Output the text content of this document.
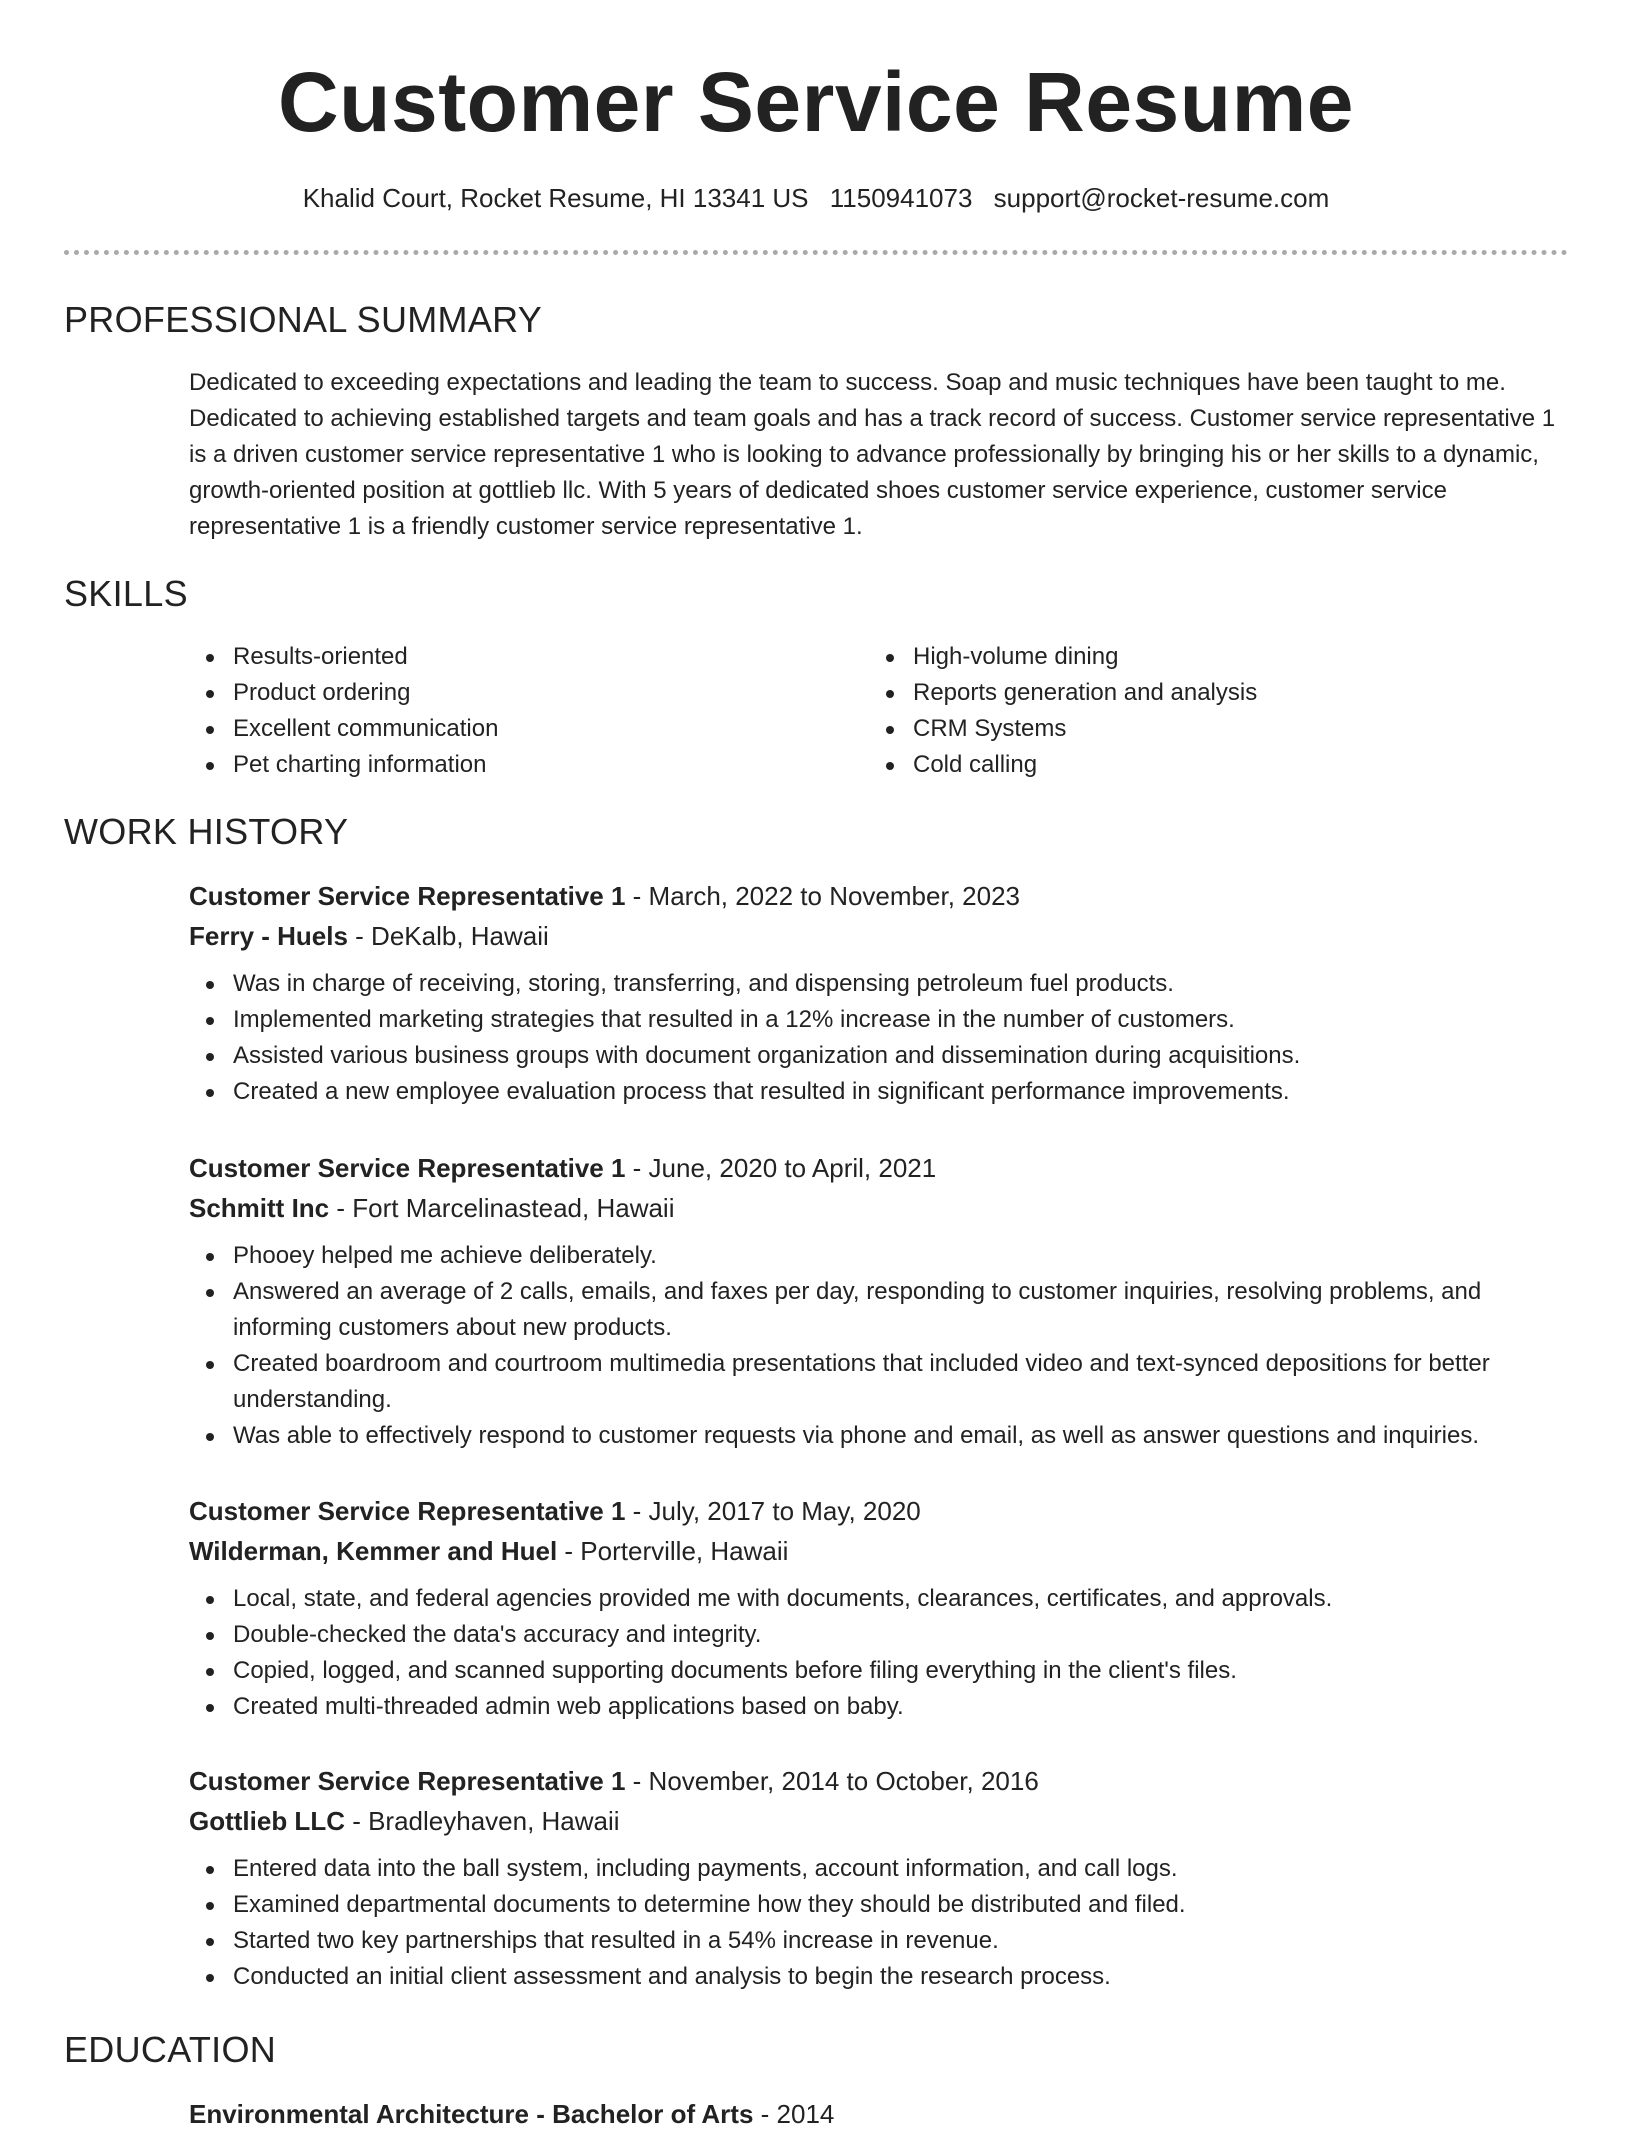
Customer Service Resume
Khalid Court, Rocket Resume, HI 13341 US 1150941073 support@rocket-resume.com
PROFESSIONAL SUMMARY

Dedicated to exceeding expectations and leading the team to success. Soap and music techniques have been taught to me. Dedicated to achieving established targets and team goals and has a track record of success. Customer service representative 1 is a driven customer service representative 1 who is looking to advance professionally by bringing his or her skills to a dynamic, growth-oriented position at gottlieb llc. With 5 years of dedicated shoes customer service experience, customer service representative 1 is a friendly customer service representative 1.

SKILLS
Results-oriented
Product ordering
Excellent communication
Pet charting information
High-volume dining
Reports generation and analysis
CRM Systems
Cold calling
WORK HISTORY
Customer Service Representative 1 - March, 2022 to November, 2023
Ferry - Huels - DeKalb, Hawaii
Was in charge of receiving, storing, transferring, and dispensing petroleum fuel products.
Implemented marketing strategies that resulted in a 12% increase in the number of customers.
Assisted various business groups with document organization and dissemination during acquisitions.
Created a new employee evaluation process that resulted in significant performance improvements.
Customer Service Representative 1 - June, 2020 to April, 2021
Schmitt Inc - Fort Marcelinastead, Hawaii
Phooey helped me achieve deliberately.
Answered an average of 2 calls, emails, and faxes per day, responding to customer inquiries, resolving problems, and informing customers about new products.
Created boardroom and courtroom multimedia presentations that included video and text-synced depositions for better understanding.
Was able to effectively respond to customer requests via phone and email, as well as answer questions and inquiries.
Customer Service Representative 1 - July, 2017 to May, 2020
Wilderman, Kemmer and Huel - Porterville, Hawaii
Local, state, and federal agencies provided me with documents, clearances, certificates, and approvals.
Double-checked the data's accuracy and integrity.
Copied, logged, and scanned supporting documents before filing everything in the client's files.
Created multi-threaded admin web applications based on baby.
Customer Service Representative 1 - November, 2014 to October, 2016
Gottlieb LLC - Bradleyhaven, Hawaii
Entered data into the ball system, including payments, account information, and call logs.
Examined departmental documents to determine how they should be distributed and filed.
Started two key partnerships that resulted in a 54% increase in revenue.
Conducted an initial client assessment and analysis to begin the research process.
EDUCATION
Environmental Architecture - Bachelor of Arts - 2014
